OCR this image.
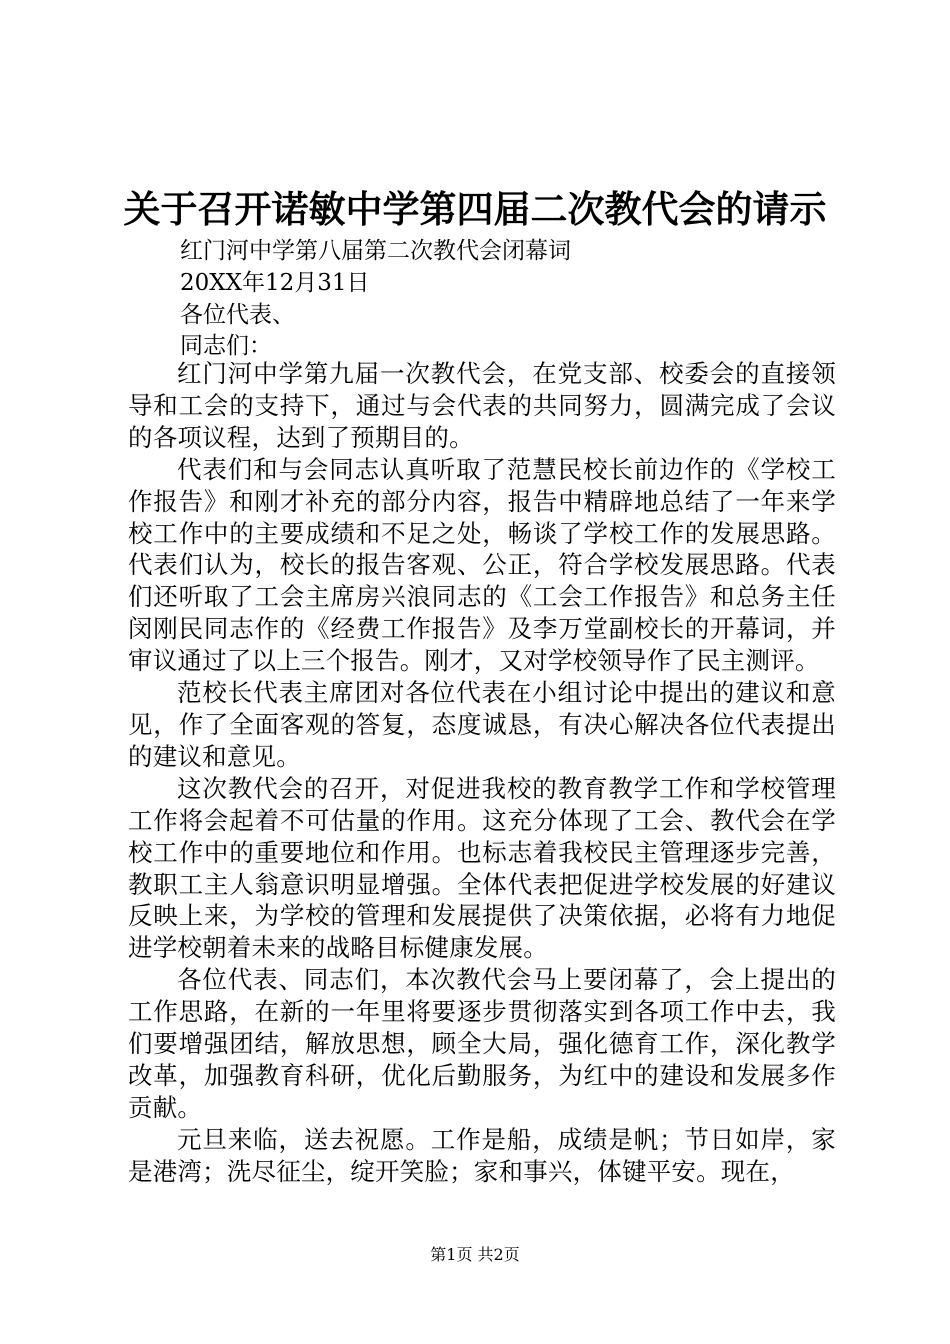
关于召开诺敏中学第四届二次教代会的请示
红门河中学第八届第二次教代会闭幕词
20XX年12月31日
各位代表、
同志们：

红门河中学第九届一次教代会，在党支部、校委会的直接领导和工会的支持下，通过与会代表的共同努力，圆满完成了会议的各项议程，达到了预期目的。

代表们和与会同志认真听取了范慧民校长前边作的《学校工作报告》和刚才补充的部分内容，报告中精辟地总结了一年来学校工作中的主要成绩和不足之处，畅谈了学校工作的发展思路。代表们认为，校长的报告客观、公正，符合学校发展思路。代表们还听取了工会主席房兴浪同志的《工会工作报告》和总务主任闵刚民同志作的《经费工作报告》及李万堂副校长的开幕词，并审议通过了以上三个报告。刚才，又对学校领导作了民主测评。

范校长代表主席团对各位代表在小组讨论中提出的建议和意见，作了全面客观的答复，态度诚恳，有决心解决各位代表提出的建议和意见。

这次教代会的召开，对促进我校的教育教学工作和学校管理工作将会起着不可估量的作用。这充分体现了工会、教代会在学校工作中的重要地位和作用。也标志着我校民主管理逐步完善，教职工主人翁意识明显增强。全体代表把促进学校发展的好建议反映上来，为学校的管理和发展提供了决策依据，必将有力地促进学校朝着未来的战略目标健康发展。

各位代表、同志们，本次教代会马上要闭幕了，会上提出的工作思路，在新的一年里将要逐步贯彻落实到各项工作中去，我们要增强团结，解放思想，顾全大局，强化德育工作，深化教学改革，加强教育科研，优化后勤服务，为红中的建设和发展多作贡献。

元旦来临，送去祝愿。工作是船，成绩是帆；节日如岸，家是港湾；洗尽征尘，绽开笑脸；家和事兴，体键平安。现在，

第1页 共2页
